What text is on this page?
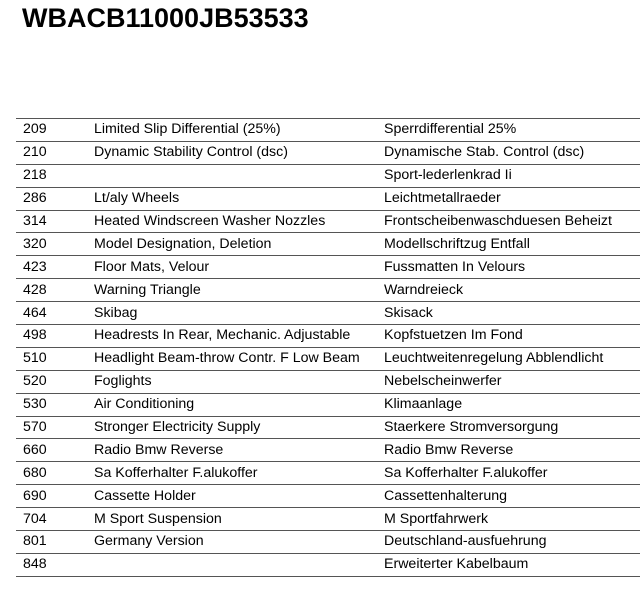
WBACB11000JB53533
209	Limited Slip Differential (25%)	Sperrdifferential 25%
210	Dynamic Stability Control (dsc)	Dynamische Stab. Control (dsc)
218		Sport-lederlenkrad Ii
286	Lt/aly Wheels	Leichtmetallraeder
314	Heated Windscreen Washer Nozzles	Frontscheibenwaschduesen Beheizt
320	Model Designation, Deletion	Modellschriftzug Entfall
423	Floor Mats, Velour	Fussmatten In Velours
428	Warning Triangle	Warndreieck
464	Skibag	Skisack
498	Headrests In Rear, Mechanic. Adjustable	Kopfstuetzen Im Fond
510	Headlight Beam-throw Contr. F Low Beam	Leuchtweitenregelung Abblendlicht
520	Foglights	Nebelscheinwerfer
530	Air Conditioning	Klimaanlage
570	Stronger Electricity Supply	Staerkere Stromversorgung
660	Radio Bmw Reverse	Radio Bmw Reverse
680	Sa Kofferhalter F.alukoffer	Sa Kofferhalter F.alukoffer
690	Cassette Holder	Cassettenhalterung
704	M Sport Suspension	M Sportfahrwerk
801	Germany Version	Deutschland-ausfuehrung
848		Erweiterter Kabelbaum
